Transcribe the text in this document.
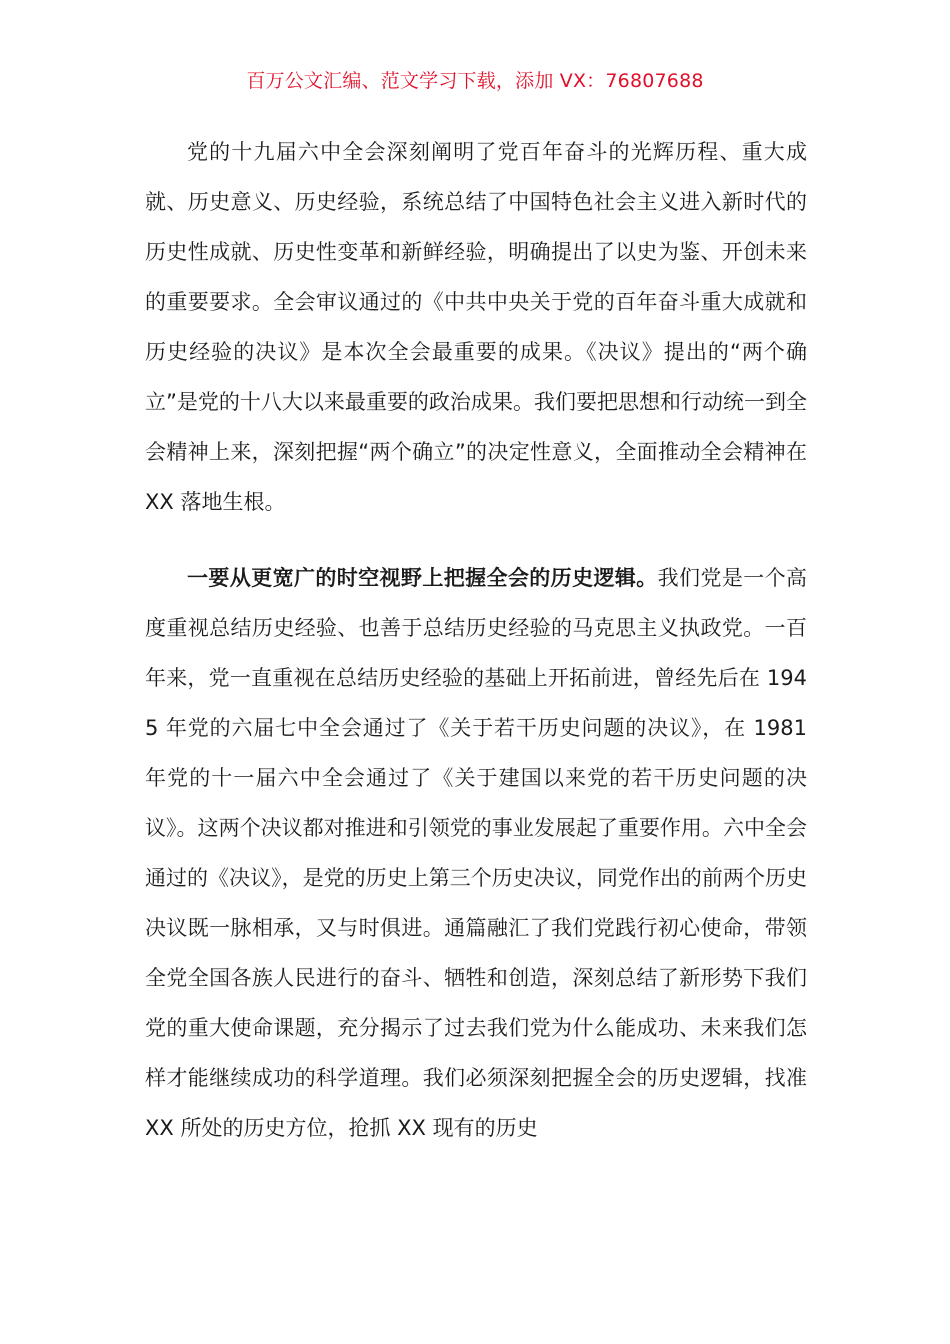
百万公文汇编、范文学习下载，添加 VX：76807688

党的十九届六中全会深刻阐明了党百年奋斗的光辉历程、重大成就、历史意义、历史经验，系统总结了中国特色社会主义进入新时代的历史性成就、历史性变革和新鲜经验，明确提出了以史为鉴、开创未来的重要要求。全会审议通过的《中共中央关于党的百年奋斗重大成就和历史经验的决议》是本次全会最重要的成果。《决议》提出的“两个确立”是党的十八大以来最重要的政治成果。我们要把思想和行动统一到全会精神上来，深刻把握“两个确立”的决定性意义，全面推动全会精神在 XX 落地生根。

一要从更宽广的时空视野上把握全会的历史逻辑。我们党是一个高度重视总结历史经验、也善于总结历史经验的马克思主义执政党。一百年来，党一直重视在总结历史经验的基础上开拓前进，曾经先后在 1945 年党的六届七中全会通过了《关于若干历史问题的决议》，在 1981 年党的十一届六中全会通过了《关于建国以来党的若干历史问题的决议》。这两个决议都对推进和引领党的事业发展起了重要作用。六中全会通过的《决议》，是党的历史上第三个历史决议，同党作出的前两个历史决议既一脉相承，又与时俱进。通篇融汇了我们党践行初心使命，带领全党全国各族人民进行的奋斗、牺牲和创造，深刻总结了新形势下我们党的重大使命课题，充分揭示了过去我们党为什么能成功、未来我们怎样才能继续成功的科学道理。我们必须深刻把握全会的历史逻辑，找准 XX 所处的历史方位，抢抓 XX 现有的历史
